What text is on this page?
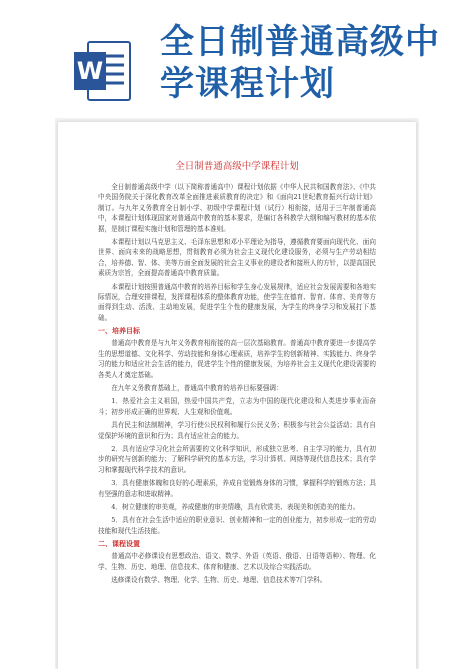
W
全日制普通高级中
学课程计划
全日制普通高级中学课程计划

全日制普通高级中学（以下简称普通高中）课程计划依据《中华人民共和国教育法》、《中共中央国务院关于深化教育改革全面推进素质教育的决定》和《面向21世纪教育振兴行动计划》制订。与九年义务教育全日制小学、初级中学课程计划（试行）相衔接，适用于三年制普通高中，本课程计划体现国家对普通高中教育的基本要求，是编订各科教学大纲和编写教材的基本依据，是制订课程实施计划和管理的基本准则。

本课程计划以马克思主义、毛泽东思想和邓小平理论为指导，遵循教育要面向现代化、面向世界、面向未来的战略思想，贯彻教育必须为社会主义现代化建设服务，必须与生产劳动相结合，培养德、智、体、美等方面全面发展的社会主义事业的建设者和接班人的方针，以提高国民素质为宗旨，全面提高普通高中教育质量。

本课程计划按照普通高中教育的培养目标和学生身心发展规律，适应社会发展需要和各地实际情况，合理安排课程，发挥课程体系的整体教育功能，使学生在德育、智育、体育、美育等方面得到生动、活泼、主动地发展，促进学生个性的健康发展，为学生的终身学习和发展打下基础。

一、培养目标

普通高中教育是与九年义务教育相衔接的高一层次基础教育。普通高中教育要进一步提高学生的思想道德、文化科学、劳动技能和身体心理素质，培养学生的创新精神、实践能力、终身学习的能力和适应社会生活的能力，促进学生个性的健康发展，为培养社会主义现代化建设需要的各类人才奠定基础。

在九年义务教育基础上，普通高中教育的培养目标要强调：

1．热爱社会主义祖国，热爱中国共产党，立志为中国的现代化建设和人类进步事业而奋斗；初步形成正确的世界观、人生观和价值观。

具有民主和法制精神，学习行使公民权利和履行公民义务；积极参与社会公益活动；具有自觉保护环境的意识和行为；具有适应社会的能力。

2．具有适应学习化社会所需要的文化科学知识，形成独立思考、自主学习的能力，具有初步的研究与创新的能力；了解科学研究的基本方法，学习计算机、网络等现代信息技术；具有学习和掌握现代科学技术的意识。

3．具有健康体魄和良好的心理素质，养成自觉锻炼身体的习惯，掌握科学的锻炼方法；具有坚强的意志和进取精神。

4．树立健康的审美观，养成健康的审美情趣，具有欣赏美、表现美和创造美的能力。

5．具有在社会生活中适应的职业意识、创业精神和一定的创业能力，初步形成一定的劳动技能和现代生活技能。

二、课程设置

普通高中必修课设有思想政治、语文、数学、外语（英语、俄语、日语等语种）、物理、化学、生物、历史、地理、信息技术、体育和健康、艺术以及综合实践活动。

选修课设有数学、物理、化学、生物、历史、地理、信息技术等7门学科。
